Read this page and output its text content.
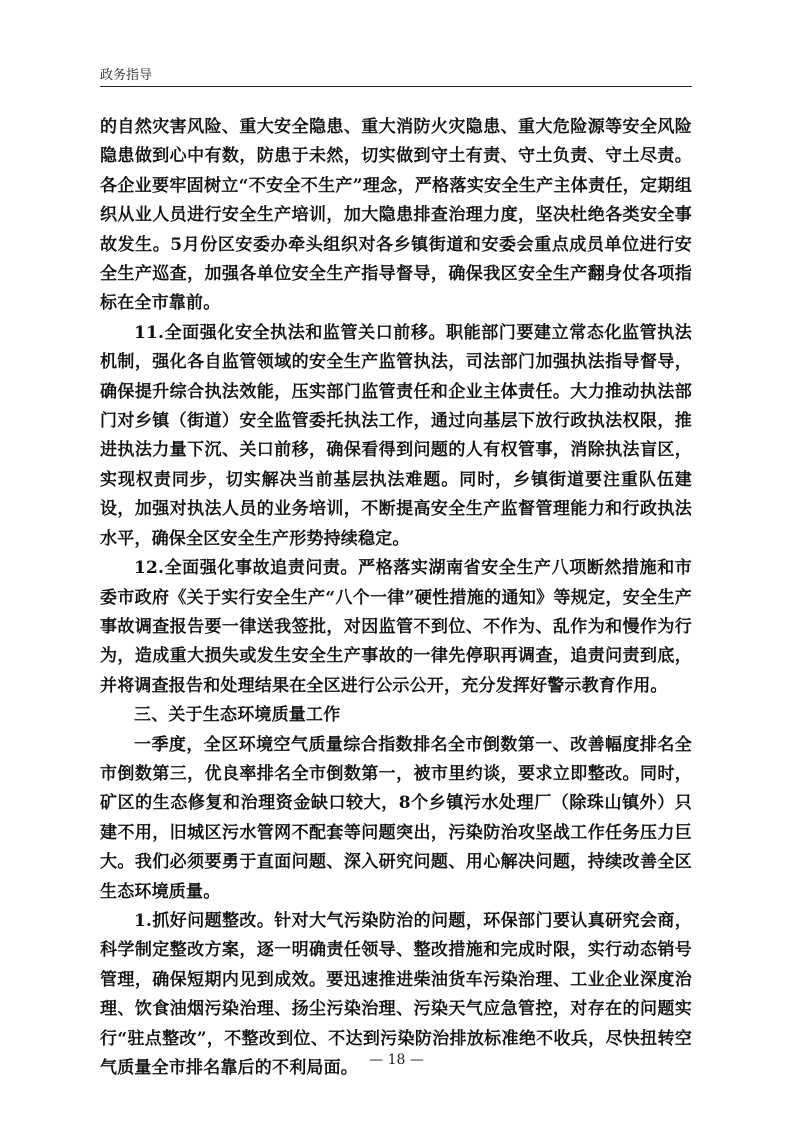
政务指导

的自然灾害风险、重大安全隐患、重大消防火灾隐患、重大危险源等安全风险隐患做到心中有数，防患于未然，切实做到守土有责、守土负责、守土尽责。各企业要牢固树立“不安全不生产”理念，严格落实安全生产主体责任，定期组织从业人员进行安全生产培训，加大隐患排查治理力度，坚决杜绝各类安全事故发生。5月份区安委办牵头组织对各乡镇街道和安委会重点成员单位进行安全生产巡查，加强各单位安全生产指导督导，确保我区安全生产翻身仗各项指标在全市靠前。

11.全面强化安全执法和监管关口前移。职能部门要建立常态化监管执法机制，强化各自监管领域的安全生产监管执法，司法部门加强执法指导督导，确保提升综合执法效能，压实部门监管责任和企业主体责任。大力推动执法部门对乡镇（街道）安全监管委托执法工作，通过向基层下放行政执法权限，推进执法力量下沉、关口前移，确保看得到问题的人有权管事，消除执法盲区，实现权责同步，切实解决当前基层执法难题。同时，乡镇街道要注重队伍建设，加强对执法人员的业务培训，不断提高安全生产监督管理能力和行政执法水平，确保全区安全生产形势持续稳定。

12.全面强化事故追责问责。严格落实湖南省安全生产八项断然措施和市委市政府《关于实行安全生产“八个一律”硬性措施的通知》等规定，安全生产事故调查报告要一律送我签批，对因监管不到位、不作为、乱作为和慢作为行为，造成重大损失或发生安全生产事故的一律先停职再调查，追责问责到底，并将调查报告和处理结果在全区进行公示公开，充分发挥好警示教育作用。

三、关于生态环境质量工作

一季度，全区环境空气质量综合指数排名全市倒数第一、改善幅度排名全市倒数第三，优良率排名全市倒数第一，被市里约谈，要求立即整改。同时，矿区的生态修复和治理资金缺口较大，8个乡镇污水处理厂（除珠山镇外）只建不用，旧城区污水管网不配套等问题突出，污染防治攻坚战工作任务压力巨大。我们必须要勇于直面问题、深入研究问题、用心解决问题，持续改善全区生态环境质量。

1.抓好问题整改。针对大气污染防治的问题，环保部门要认真研究会商，科学制定整改方案，逐一明确责任领导、整改措施和完成时限，实行动态销号管理，确保短期内见到成效。要迅速推进柴油货车污染治理、工业企业深度治理、饮食油烟污染治理、扬尘污染治理、污染天气应急管控，对存在的问题实行“驻点整改”，不整改到位、不达到污染防治排放标准绝不收兵，尽快扭转空气质量全市排名靠后的不利局面。 — 18 —
